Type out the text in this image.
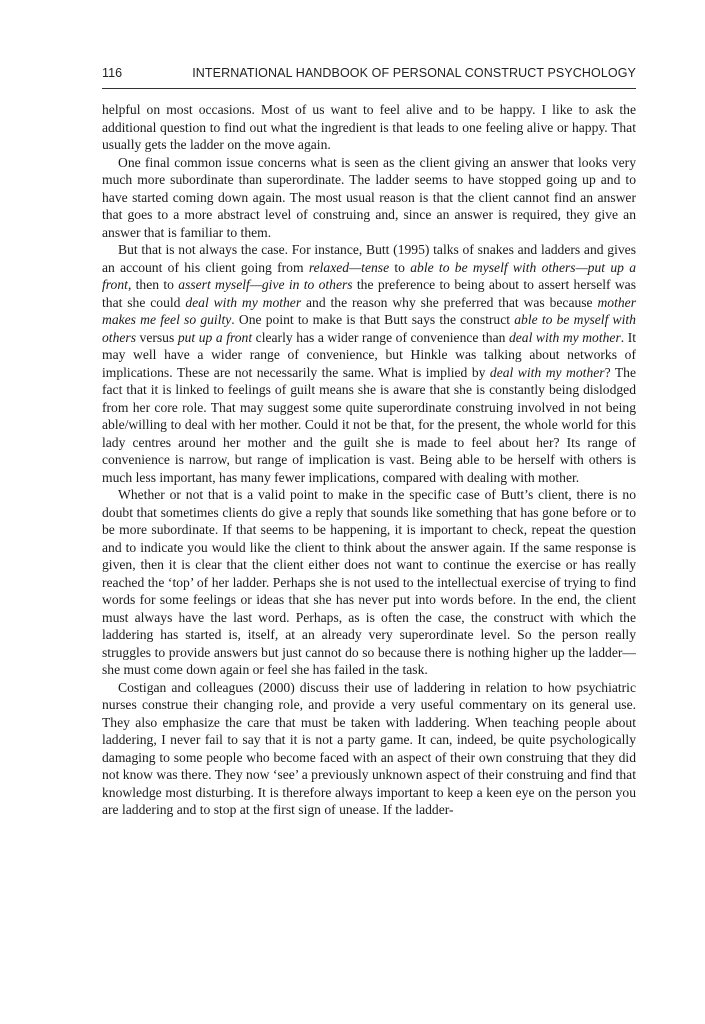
116	INTERNATIONAL HANDBOOK OF PERSONAL CONSTRUCT PSYCHOLOGY

helpful on most occasions. Most of us want to feel alive and to be happy. I like to ask the additional question to find out what the ingredient is that leads to one feeling alive or happy. That usually gets the ladder on the move again.

One final common issue concerns what is seen as the client giving an answer that looks very much more subordinate than superordinate. The ladder seems to have stopped going up and to have started coming down again. The most usual reason is that the client cannot find an answer that goes to a more abstract level of construing and, since an answer is required, they give an answer that is familiar to them.

But that is not always the case. For instance, Butt (1995) talks of snakes and ladders and gives an account of his client going from relaxed—tense to able to be myself with others—put up a front, then to assert myself—give in to others the preference to being about to assert herself was that she could deal with my mother and the reason why she preferred that was because mother makes me feel so guilty. One point to make is that Butt says the construct able to be myself with others versus put up a front clearly has a wider range of convenience than deal with my mother. It may well have a wider range of convenience, but Hinkle was talking about networks of implications. These are not necessarily the same. What is implied by deal with my mother? The fact that it is linked to feelings of guilt means she is aware that she is constantly being dislodged from her core role. That may suggest some quite superordinate construing involved in not being able/willing to deal with her mother. Could it not be that, for the present, the whole world for this lady centres around her mother and the guilt she is made to feel about her? Its range of convenience is narrow, but range of implication is vast. Being able to be herself with others is much less important, has many fewer implications, compared with dealing with mother.

Whether or not that is a valid point to make in the specific case of Butt’s client, there is no doubt that sometimes clients do give a reply that sounds like something that has gone before or to be more subordinate. If that seems to be happening, it is important to check, repeat the question and to indicate you would like the client to think about the answer again. If the same response is given, then it is clear that the client either does not want to continue the exercise or has really reached the ‘top’ of her ladder. Perhaps she is not used to the intellectual exercise of trying to find words for some feelings or ideas that she has never put into words before. In the end, the client must always have the last word. Perhaps, as is often the case, the construct with which the laddering has started is, itself, at an already very superordinate level. So the person really struggles to provide answers but just cannot do so because there is nothing higher up the ladder—she must come down again or feel she has failed in the task.

Costigan and colleagues (2000) discuss their use of laddering in relation to how psychiatric nurses construe their changing role, and provide a very useful commentary on its general use. They also emphasize the care that must be taken with laddering. When teaching people about laddering, I never fail to say that it is not a party game. It can, indeed, be quite psychologically damaging to some people who become faced with an aspect of their own construing that they did not know was there. They now ‘see’ a previously unknown aspect of their construing and find that knowledge most disturbing. It is therefore always important to keep a keen eye on the person you are laddering and to stop at the first sign of unease. If the ladder-
